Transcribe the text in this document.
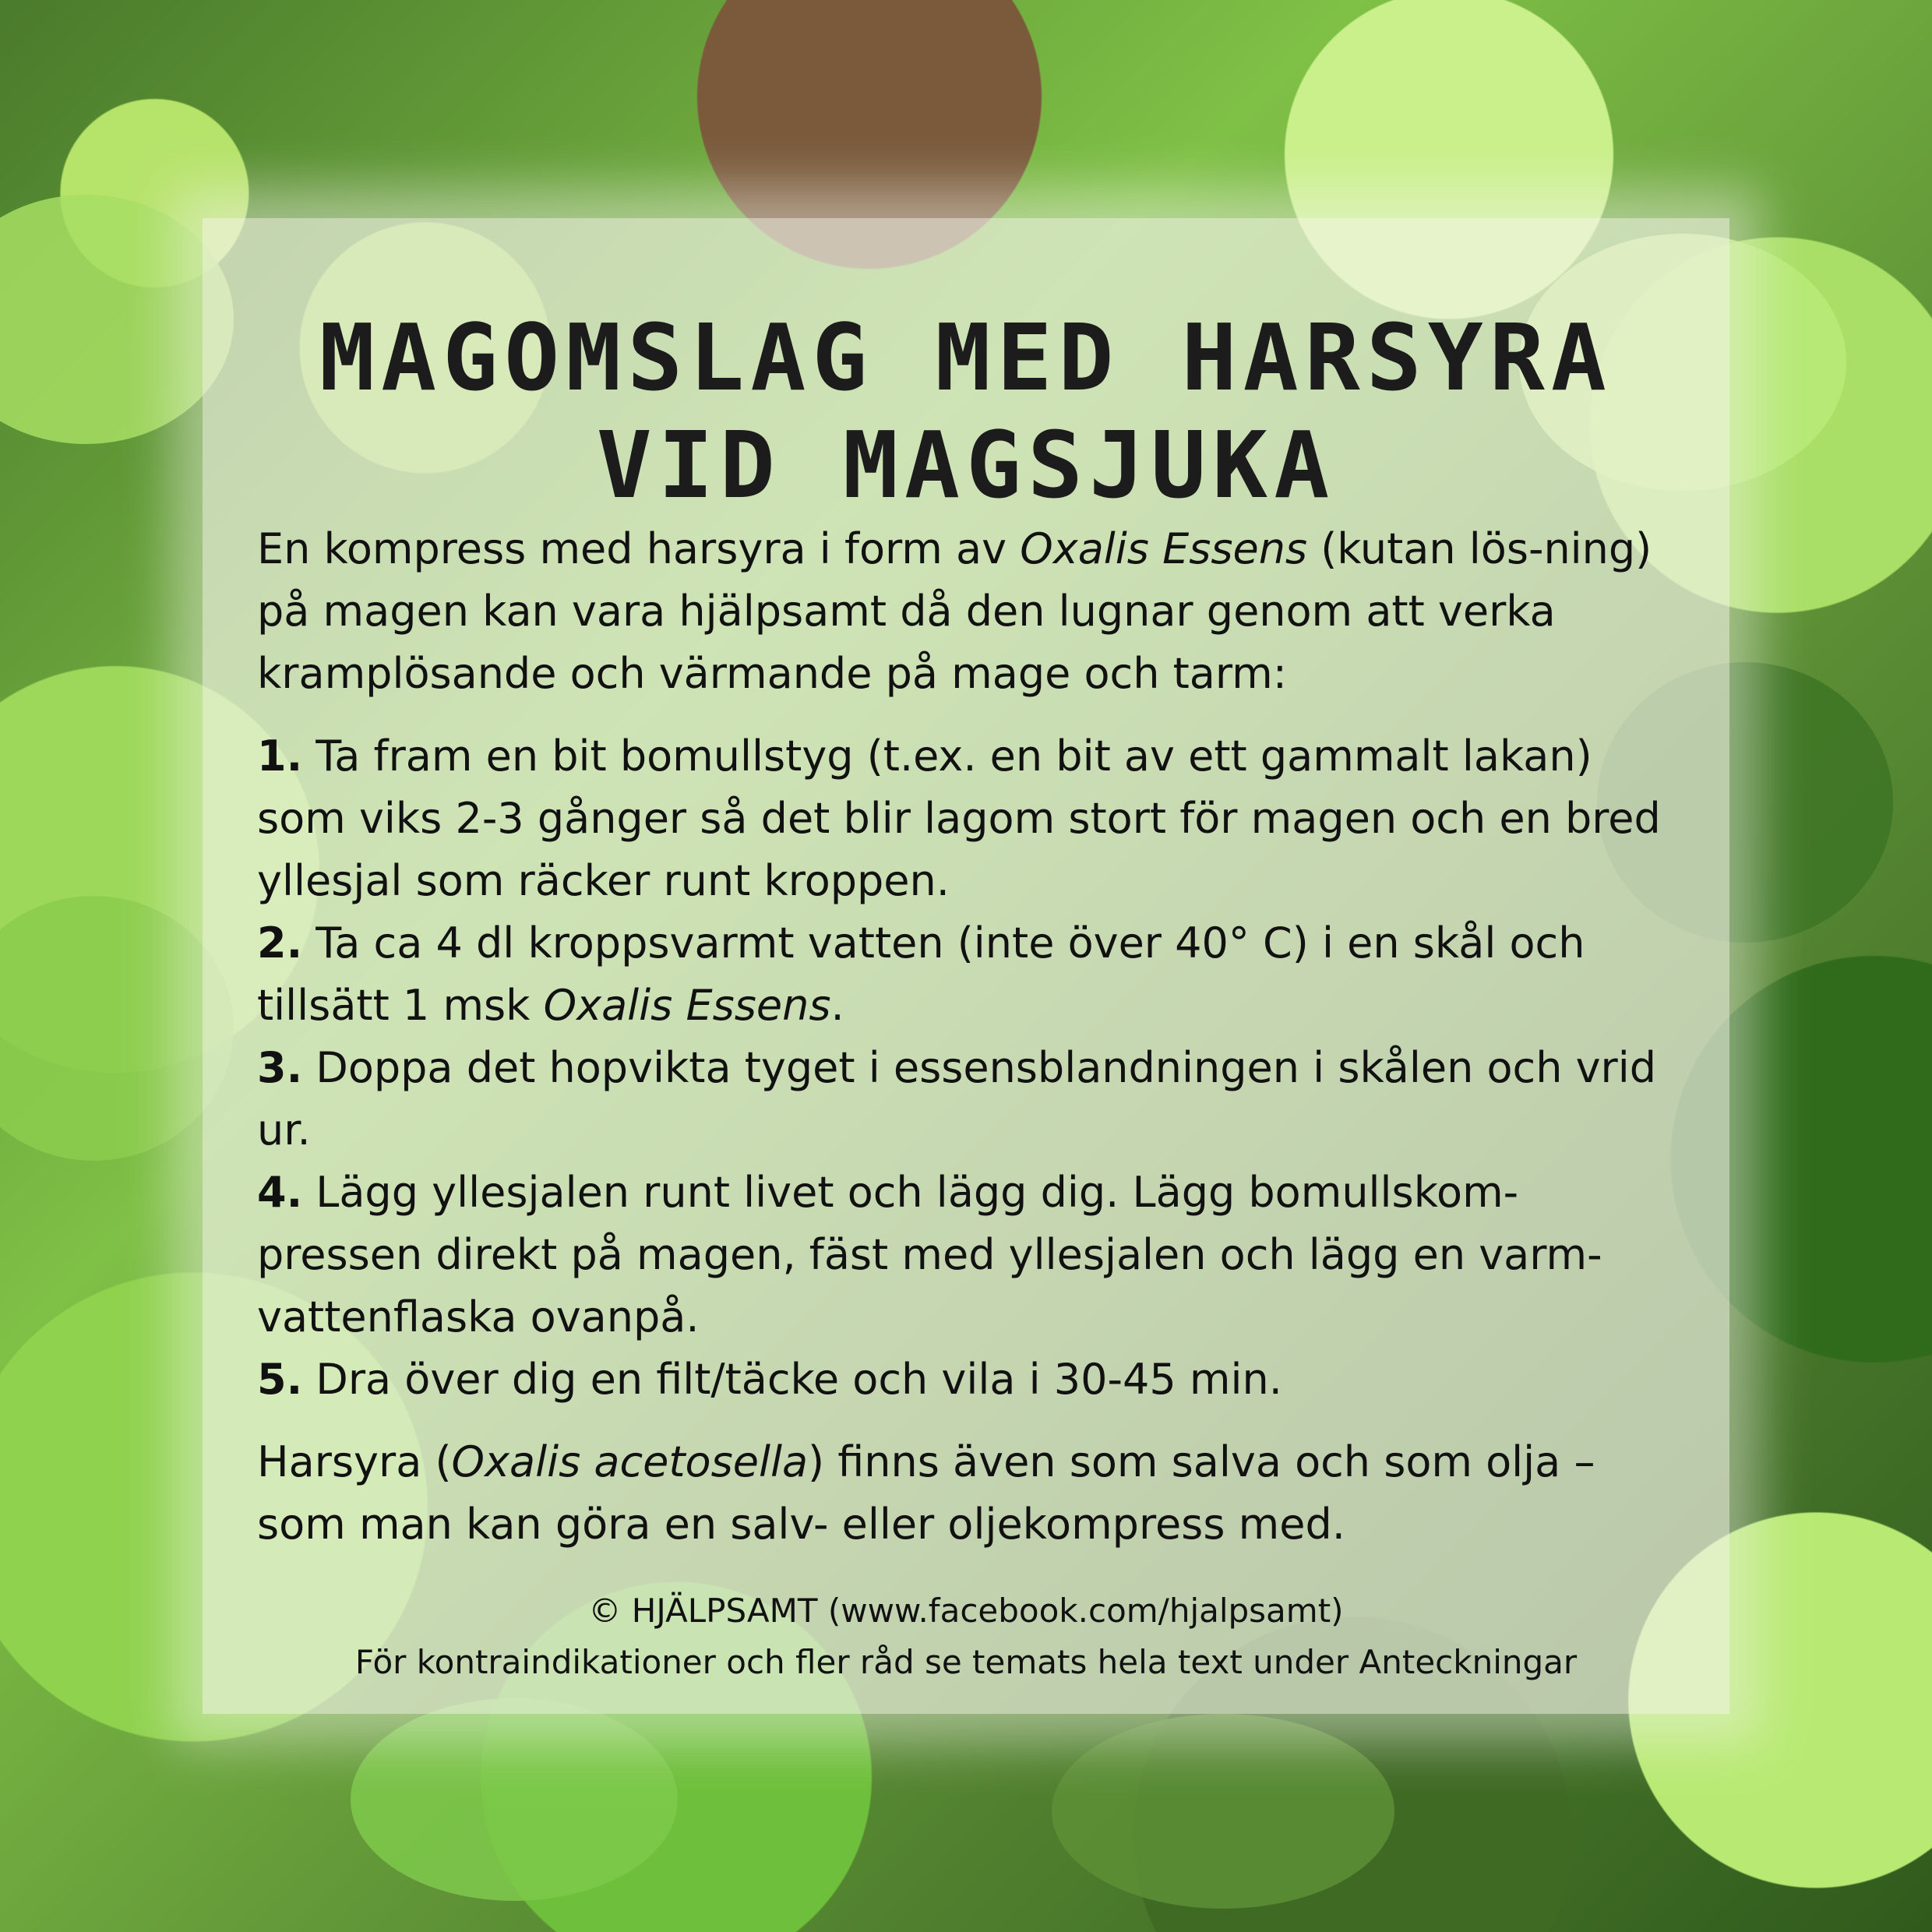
MAGOMSLAG MED HARSYRA
VID MAGSJUKA

En kompress med harsyra i form av Oxalis Essens (kutan lös-ning) på magen kan vara hjälpsamt då den lugnar genom att verka kramplösande och värmande på mage och tarm:

1. Ta fram en bit bomullstyg (t.ex. en bit av ett gammalt lakan) som viks 2-3 gånger så det blir lagom stort för magen och en bred yllesjal som räcker runt kroppen.
2. Ta ca 4 dl kroppsvarmt vatten (inte över 40° C) i en skål och tillsätt 1 msk Oxalis Essens.
3. Doppa det hopvikta tyget i essensblandningen i skålen och vrid ur.
4. Lägg yllesjalen runt livet och lägg dig. Lägg bomullskom-pressen direkt på magen, fäst med yllesjalen och lägg en varm-vattenflaska ovanpå.
5. Dra över dig en filt/täcke och vila i 30-45 min.

Harsyra (Oxalis acetosella) finns även som salva och som olja – som man kan göra en salv- eller oljekompress med.

© HJÄLPSAMT (www.facebook.com/hjalpsamt)
För kontraindikationer och fler råd se temats hela text under Anteckningar
